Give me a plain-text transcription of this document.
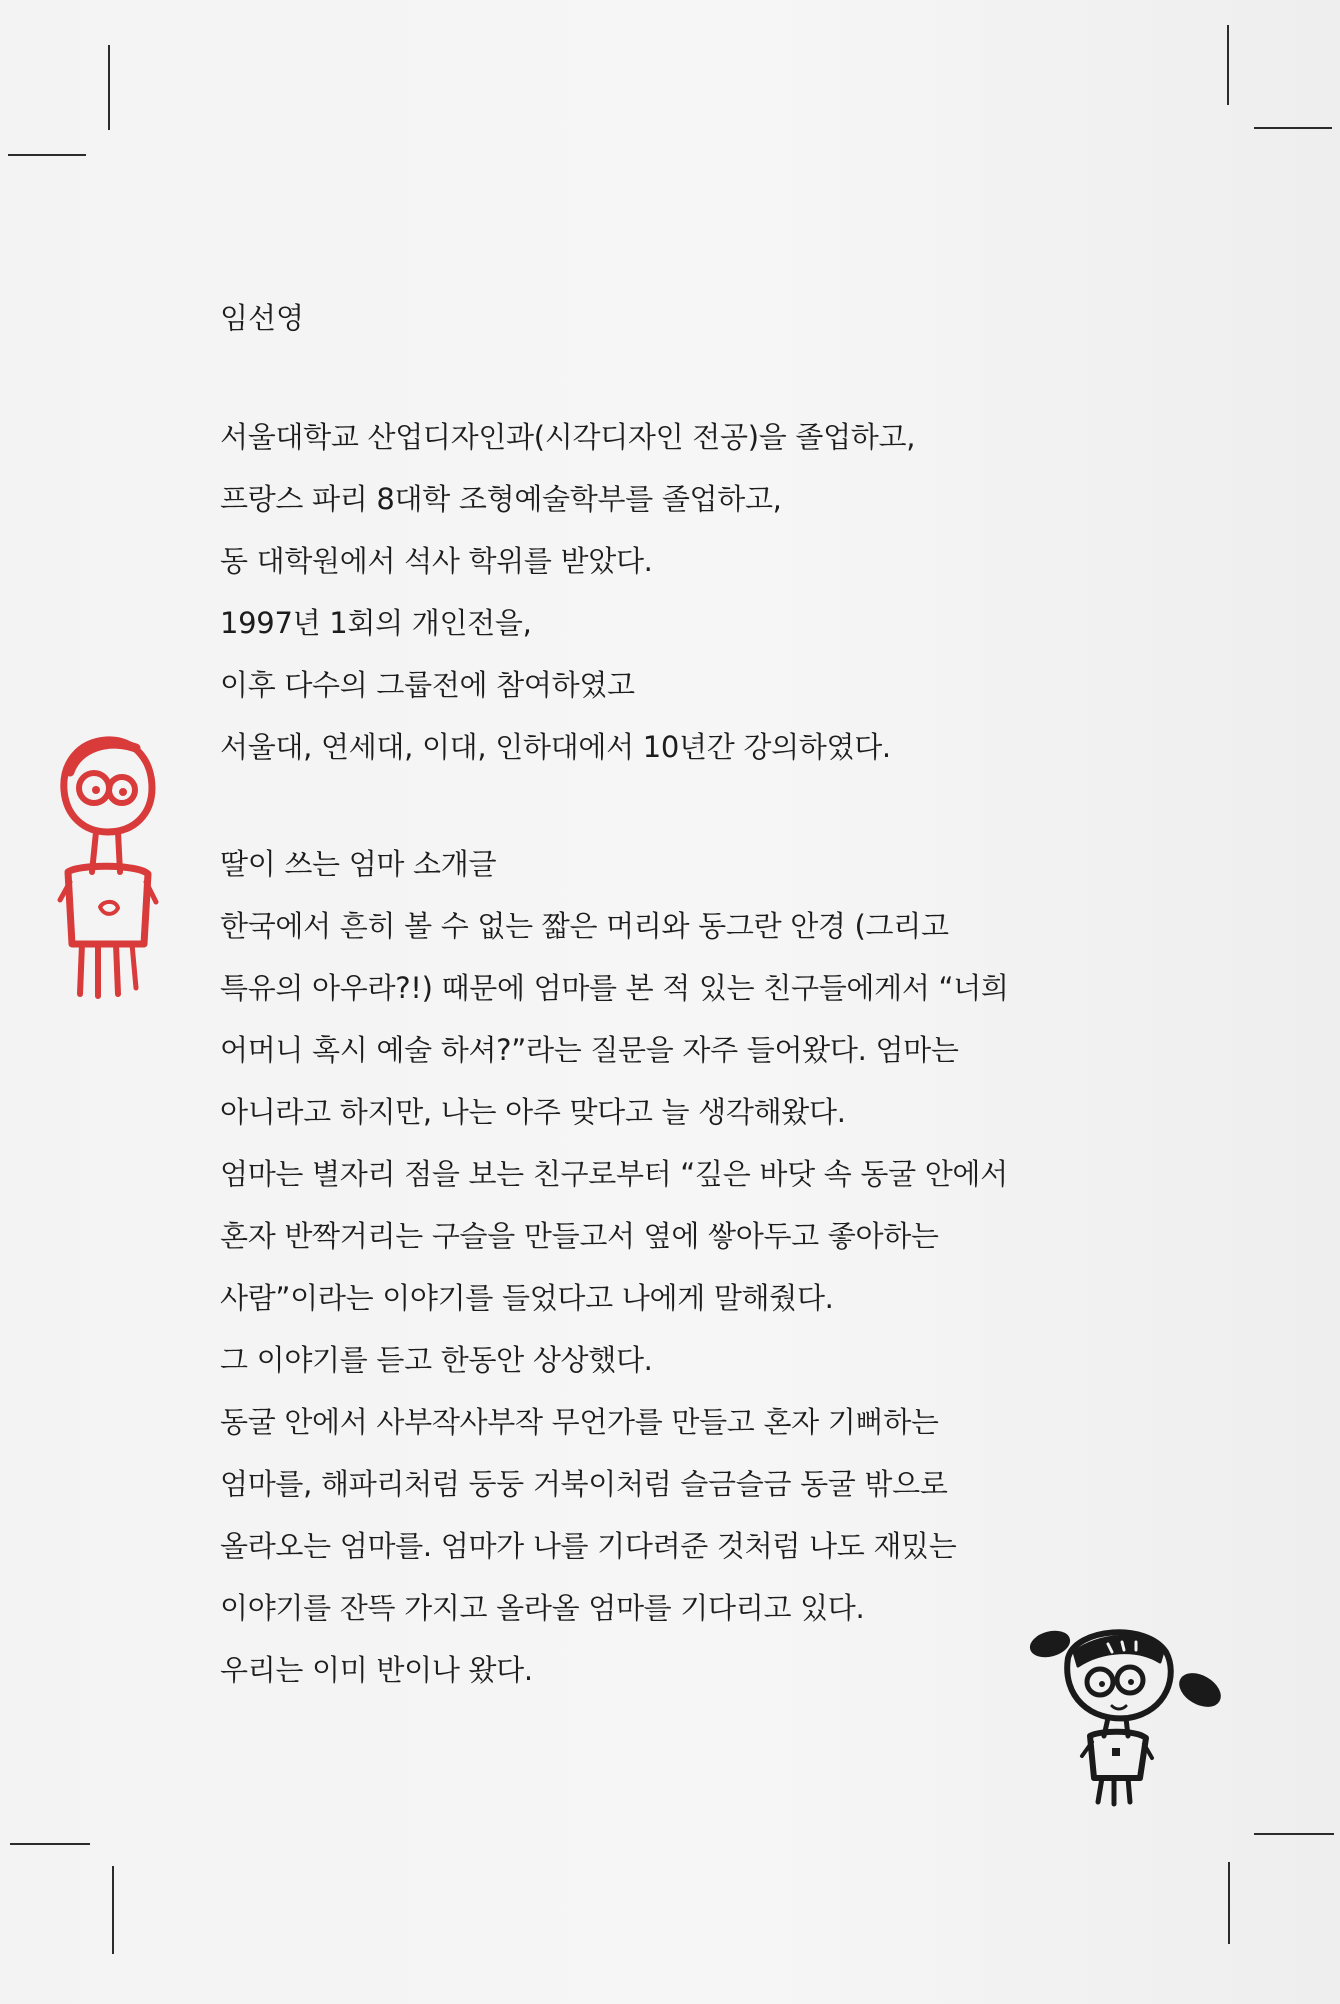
임선영
서울대학교 산업디자인과(시각디자인 전공)을 졸업하고,
프랑스 파리 8대학 조형예술학부를 졸업하고,
동 대학원에서 석사 학위를 받았다.
1997년 1회의 개인전을,
이후 다수의 그룹전에 참여하였고
서울대, 연세대, 이대, 인하대에서 10년간 강의하였다.
딸이 쓰는 엄마 소개글
한국에서 흔히 볼 수 없는 짧은 머리와 동그란 안경 (그리고
특유의 아우라?!) 때문에 엄마를 본 적 있는 친구들에게서 “너희
어머니 혹시 예술 하셔?”라는 질문을 자주 들어왔다. 엄마는
아니라고 하지만, 나는 아주 맞다고 늘 생각해왔다.
엄마는 별자리 점을 보는 친구로부터 “깊은 바닷 속 동굴 안에서
혼자 반짝거리는 구슬을 만들고서 옆에 쌓아두고 좋아하는
사람”이라는 이야기를 들었다고 나에게 말해줬다.
그 이야기를 듣고 한동안 상상했다.
동굴 안에서 사부작사부작 무언가를 만들고 혼자 기뻐하는
엄마를, 해파리처럼 둥둥 거북이처럼 슬금슬금 동굴 밖으로
올라오는 엄마를. 엄마가 나를 기다려준 것처럼 나도 재밌는
이야기를 잔뜩 가지고 올라올 엄마를 기다리고 있다.
우리는 이미 반이나 왔다.
